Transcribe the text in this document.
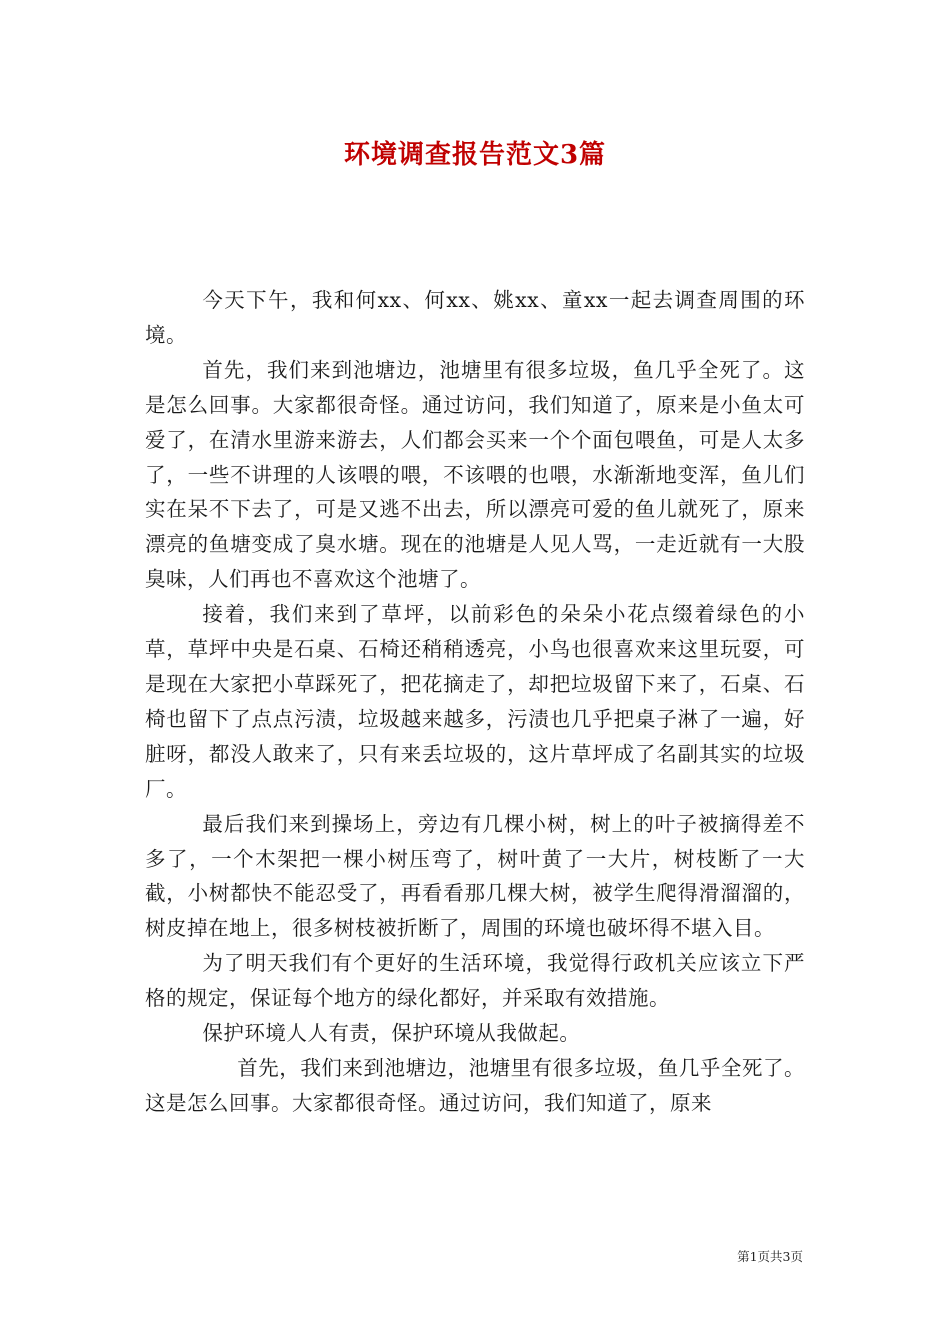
环境调查报告范文3篇

今天下午，我和何xx、何xx、姚xx、童xx一起去调查周围的环境。

首先，我们来到池塘边，池塘里有很多垃圾，鱼几乎全死了。这是怎么回事。大家都很奇怪。通过访问，我们知道了，原来是小鱼太可爱了，在清水里游来游去，人们都会买来一个个面包喂鱼，可是人太多了，一些不讲理的人该喂的喂，不该喂的也喂，水渐渐地变浑，鱼儿们实在呆不下去了，可是又逃不出去，所以漂亮可爱的鱼儿就死了，原来漂亮的鱼塘变成了臭水塘。现在的池塘是人见人骂，一走近就有一大股臭味，人们再也不喜欢这个池塘了。

接着，我们来到了草坪，以前彩色的朵朵小花点缀着绿色的小草，草坪中央是石桌、石椅还稍稍透亮，小鸟也很喜欢来这里玩耍，可是现在大家把小草踩死了，把花摘走了，却把垃圾留下来了，石桌、石椅也留下了点点污渍，垃圾越来越多，污渍也几乎把桌子淋了一遍，好脏呀，都没人敢来了，只有来丢垃圾的，这片草坪成了名副其实的垃圾厂。

最后我们来到操场上，旁边有几棵小树，树上的叶子被摘得差不多了，一个木架把一棵小树压弯了，树叶黄了一大片，树枝断了一大截，小树都快不能忍受了，再看看那几棵大树，被学生爬得滑溜溜的，树皮掉在地上，很多树枝被折断了，周围的环境也破坏得不堪入目。

为了明天我们有个更好的生活环境，我觉得行政机关应该立下严格的规定，保证每个地方的绿化都好，并采取有效措施。

保护环境人人有责，保护环境从我做起。

首先，我们来到池塘边，池塘里有很多垃圾，鱼几乎全死了。这是怎么回事。大家都很奇怪。通过访问，我们知道了，原来

第1页共3页
